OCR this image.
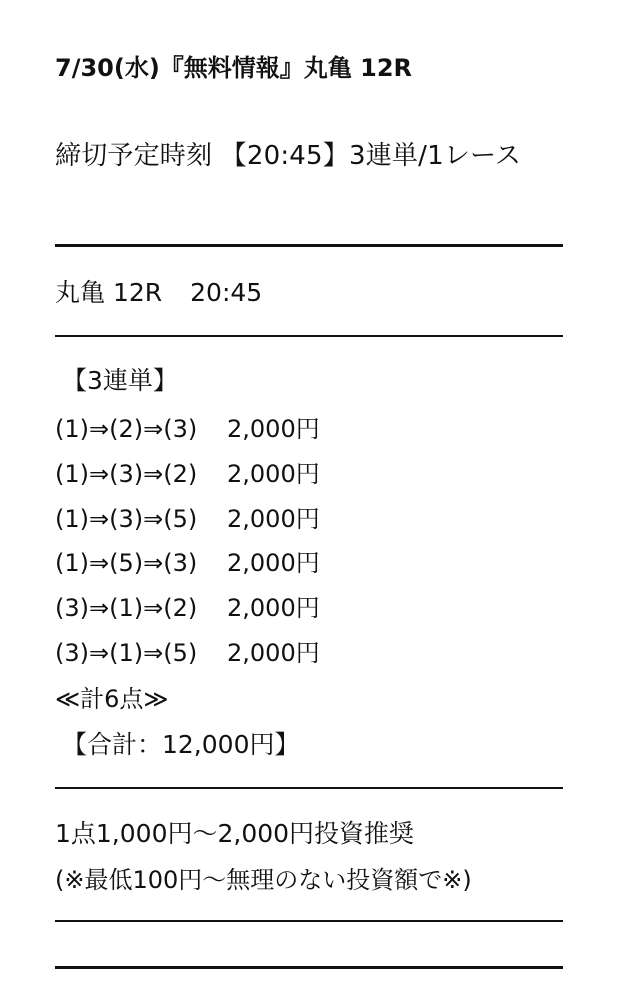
7/30(水)『無料情報』丸亀 12R
締切予定時刻 【20:45】3連単/1レース
丸亀 12R 20:45
【3連単】
(1)⇒(2)⇒(3) 2,000円
(1)⇒(3)⇒(2) 2,000円
(1)⇒(3)⇒(5) 2,000円
(1)⇒(5)⇒(3) 2,000円
(3)⇒(1)⇒(2) 2,000円
(3)⇒(1)⇒(5) 2,000円
≪計6点≫
【合計：12,000円】
1点1,000円～2,000円投資推奨
(※最低100円～無理のない投資額で※)
